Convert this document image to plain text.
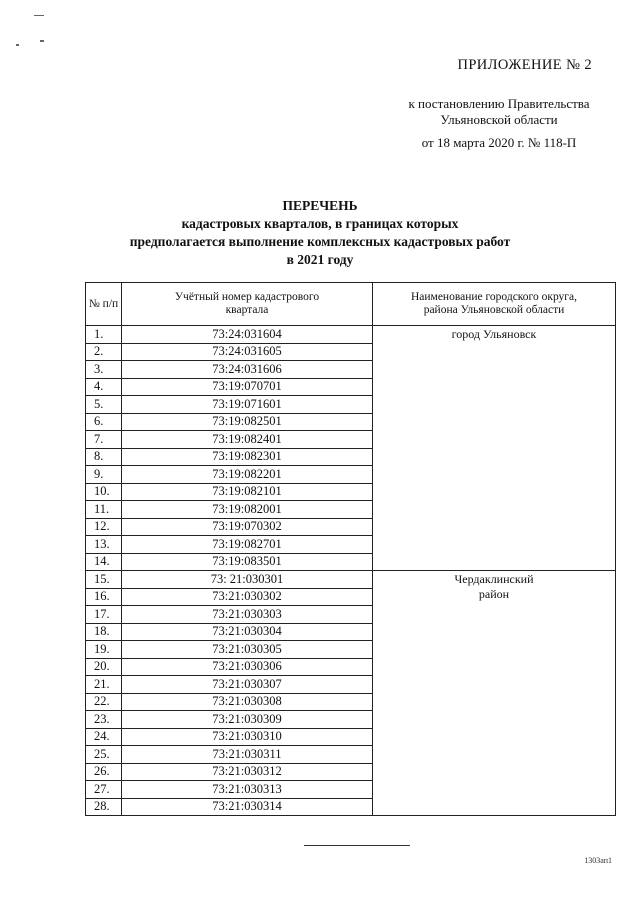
ПРИЛОЖЕНИЕ № 2
к постановлению Правительства
Ульяновской области
от 18 марта 2020 г. № 118-П
ПЕРЕЧЕНЬ
кадастровых кварталов, в границах которых
предполагается выполнение комплексных кадастровых работ
в 2021 году
№ п/п	Учётный номер кадастрового квартала	Наименование городского округа, района Ульяновской области
1.	73:24:031604	город Ульяновск
2.	73:24:031605	
3.	73:24:031606	
4.	73:19:070701	
5.	73:19:071601	
6.	73:19:082501	
7.	73:19:082401	
8.	73:19:082301	
9.	73:19:082201	
10.	73:19:082101	
11.	73:19:082001	
12.	73:19:070302	
13.	73:19:082701	
14.	73:19:083501	
15.	73: 21:030301	Чердаклинский район
16.	73:21:030302	
17.	73:21:030303	
18.	73:21:030304	
19.	73:21:030305	
20.	73:21:030306	
21.	73:21:030307	
22.	73:21:030308	
23.	73:21:030309	
24.	73:21:030310	
25.	73:21:030311	
26.	73:21:030312	
27.	73:21:030313	
28.	73:21:030314	
1303ап1
